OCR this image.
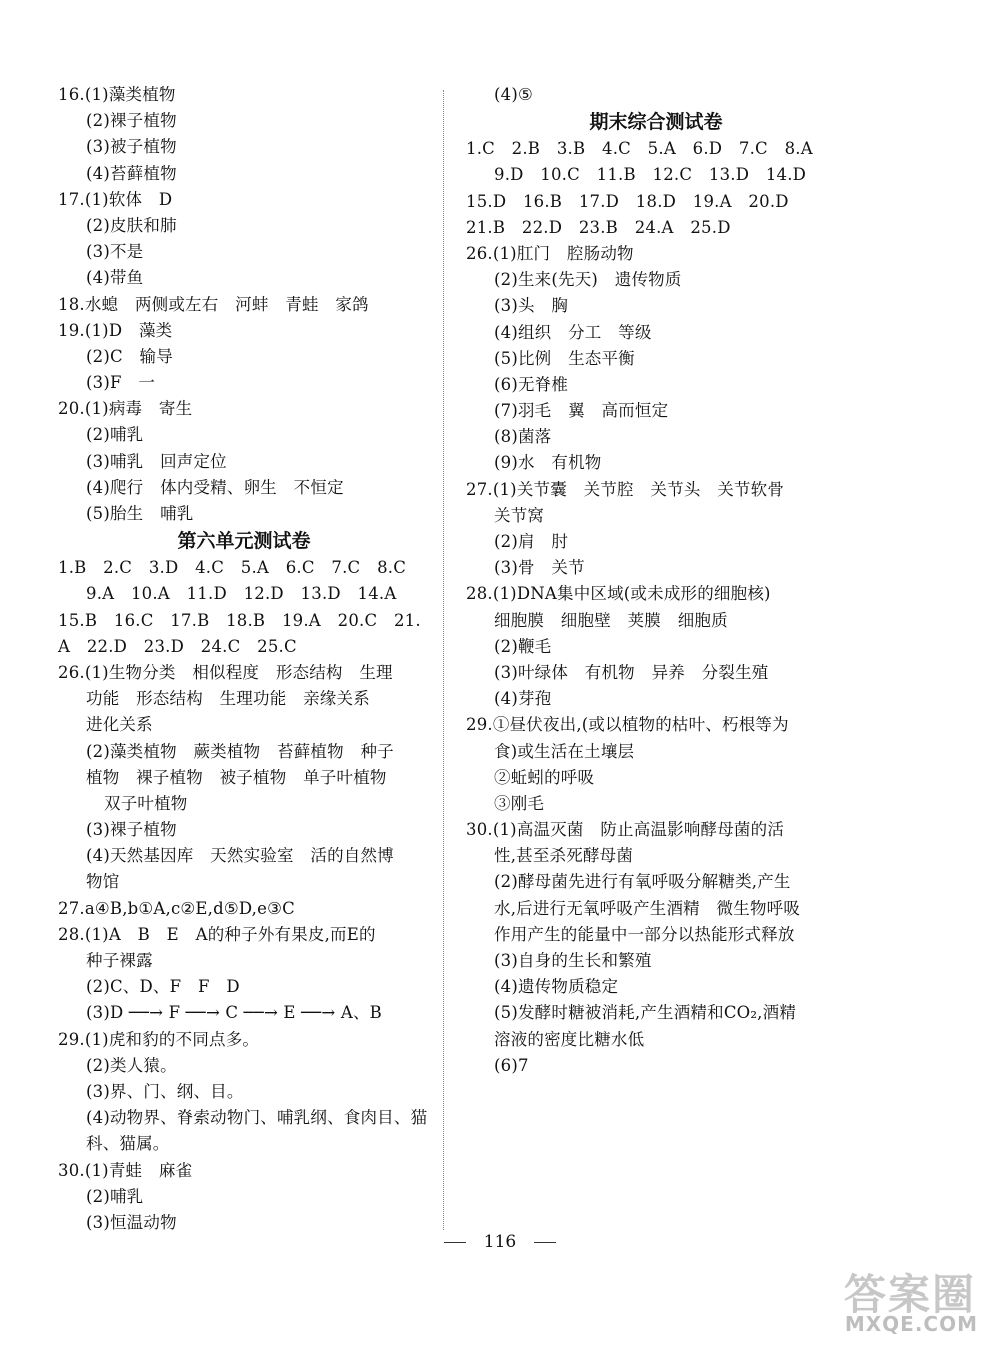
16.(1)藻类植物
(2)裸子植物
(3)被子植物
(4)苔藓植物
17.(1)软体　D
(2)皮肤和肺
(3)不是
(4)带鱼
18.水螅　两侧或左右　河蚌　青蛙　家鸽
19.(1)D　藻类
(2)C　输导
(3)F　一
20.(1)病毒　寄生
(2)哺乳
(3)哺乳　回声定位
(4)爬行　体内受精、卵生　不恒定
(5)胎生　哺乳
第六单元测试卷
1.B　2.C　3.D　4.C　5.A　6.C　7.C　8.C
9.A　10.A　11.D　12.D　13.D　14.A
15.B　16.C　17.B　18.B　19.A　20.C　21.
A　22.D　23.D　24.C　25.C
26.(1)生物分类　相似程度　形态结构　生理
功能　形态结构　生理功能　亲缘关系
进化关系
(2)藻类植物　蕨类植物　苔藓植物　种子
植物　裸子植物　被子植物　单子叶植物
双子叶植物
(3)裸子植物
(4)天然基因库　天然实验室　活的自然博
物馆
27.a④B,b①A,c②E,d⑤D,e③C
28.(1)A　B　E　A的种子外有果皮,而E的
种子裸露
(2)C、D、F　F　D
(3)D ──→ F ──→ C ──→ E ──→ A、B
29.(1)虎和豹的不同点多。
(2)类人猿。
(3)界、门、纲、目。
(4)动物界、脊索动物门、哺乳纲、食肉目、猫
科、猫属。
30.(1)青蛙　麻雀
(2)哺乳
(3)恒温动物
(4)⑤
期末综合测试卷
1.C　2.B　3.B　4.C　5.A　6.D　7.C　8.A
9.D　10.C　11.B　12.C　13.D　14.D
15.D　16.B　17.D　18.D　19.A　20.D
21.B　22.D　23.B　24.A　25.D
26.(1)肛门　腔肠动物
(2)生来(先天)　遗传物质
(3)头　胸
(4)组织　分工　等级
(5)比例　生态平衡
(6)无脊椎
(7)羽毛　翼　高而恒定
(8)菌落
(9)水　有机物
27.(1)关节囊　关节腔　关节头　关节软骨
关节窝
(2)肩　肘
(3)骨　关节
28.(1)DNA集中区域(或未成形的细胞核)
细胞膜　细胞壁　荚膜　细胞质
(2)鞭毛
(3)叶绿体　有机物　异养　分裂生殖
(4)芽孢
29.①昼伏夜出,(或以植物的枯叶、朽根等为
食)或生活在土壤层
②蚯蚓的呼吸
③刚毛
30.(1)高温灭菌　防止高温影响酵母菌的活
性,甚至杀死酵母菌
(2)酵母菌先进行有氧呼吸分解糖类,产生
水,后进行无氧呼吸产生酒精　微生物呼吸
作用产生的能量中一部分以热能形式释放
(3)自身的生长和繁殖
(4)遗传物质稳定
(5)发酵时糖被消耗,产生酒精和CO₂,酒精
溶液的密度比糖水低
(6)7
116
答案圈
MXQE.COM
